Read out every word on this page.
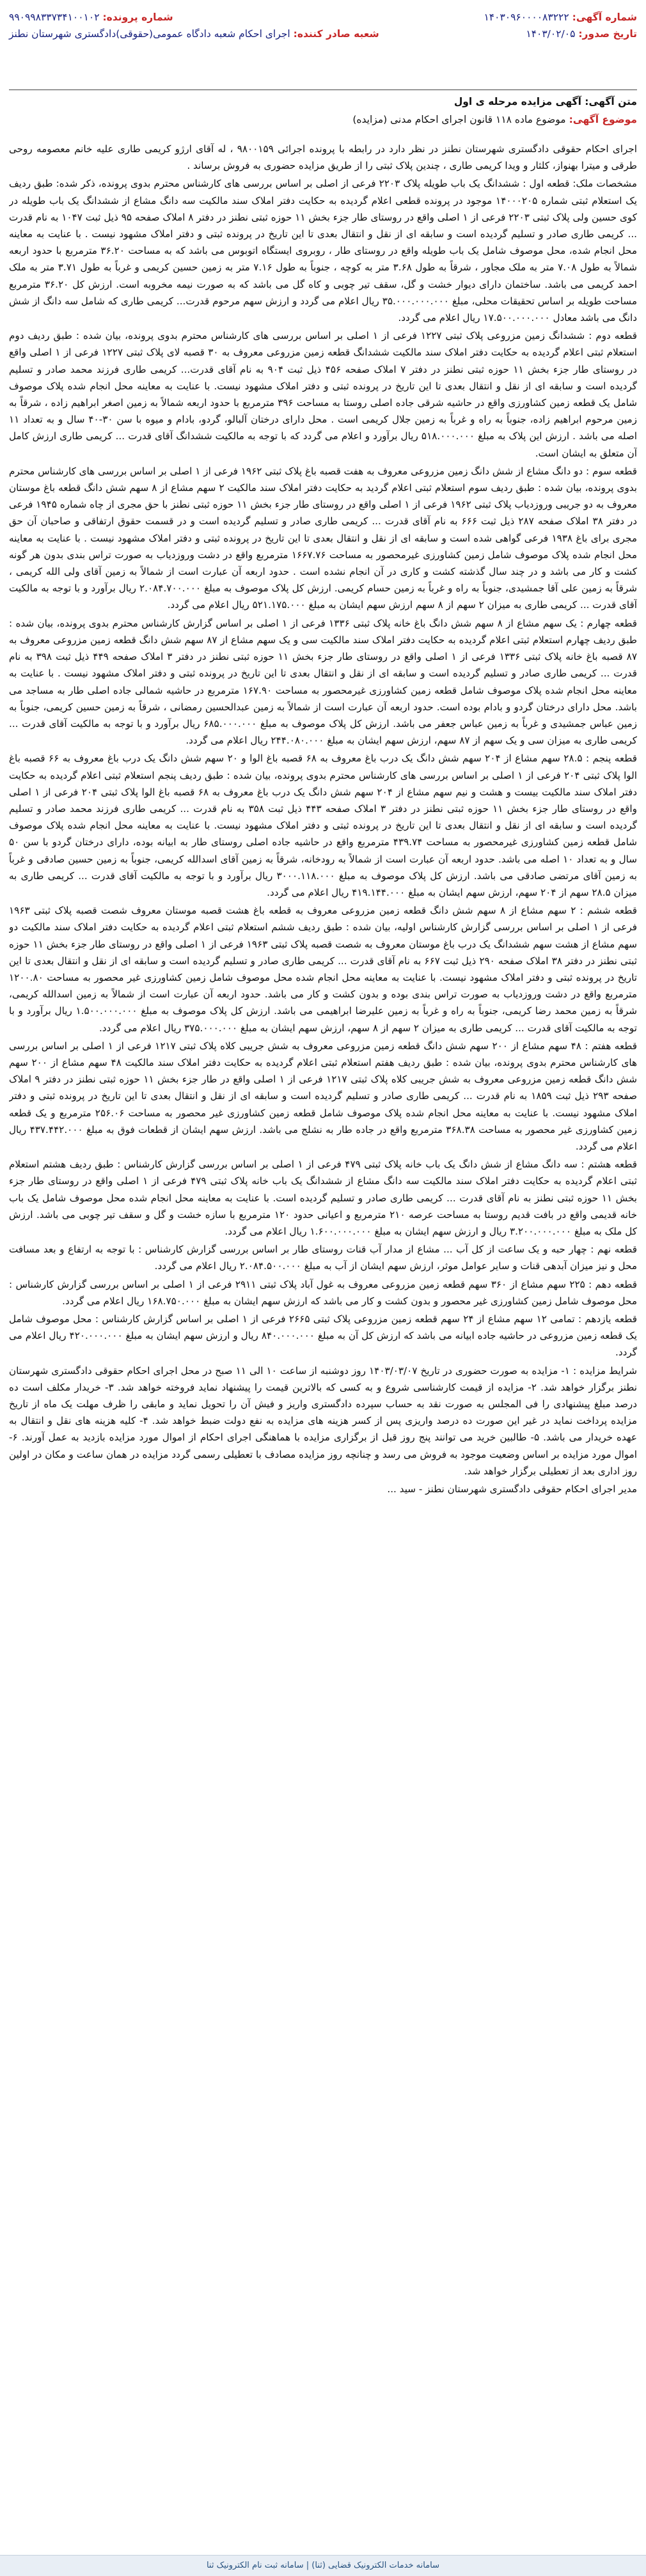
شماره آگهی: ۱۴۰۳۰۹۶۰۰۰۰۸۳۲۲۲
شماره پرونده: ۹۹۰۹۹۸۳۳۷۳۴۱۰۰۱۰۲
تاریخ صدور: ۱۴۰۳/۰۲/۰۵
شعبه صادر کننده: اجرای احکام شعبه دادگاه عمومی(حقوقی)دادگستری شهرستان نطنز
متن آگهی: آگهی مزایده مرحله ی اول
موضوع آگهی: موضوع ماده ۱۱۸ قانون اجرای احکام مدنی (مزایده)

اجرای احکام حقوقی دادگستری شهرستان نطنز در نظر دارد در رابطه با پرونده اجرائی ۹۸۰۰۱۵۹ ، له آقای ارژو کریمی طاری علیه خانم معصومه روحی طرقی و میترا بهنواز، کلثار و ویدا کریمی طاری ، چندین پلاک ثبتی را از طریق مزایده حضوری به فروش برساند .

مشخصات ملک: قطعه اول : ششدانگ یک باب طویله پلاک ۲۲۰۳ فرعی از اصلی بر اساس بررسی های کارشناس محترم بدوی پرونده، ذکر شده: طبق ردیف یک استعلام ثبتی شماره ۱۴۰۰۰۲۰۵ موجود در پرونده قطعی اعلام گردیده به حکایت دفتر املاک سند مالکیت سه دانگ مشاع از ششدانگ یک باب طویله در کوی حسین ولی پلاک ثبتی ۲۲۰۳ فرعی از ۱ اصلی واقع در روستای طار جزء بخش ۱۱ حوزه ثبتی نطنز در دفتر ۸ املاک صفحه ۹۵ ذیل ثبت ۱۰۴۷ به نام قدرت ... کریمی طاری صادر و تسلیم گردیده است و سابقه ای از نقل و انتقال بعدی تا این تاریخ در پرونده ثبتی و دفتر املاک مشهود نیست . با عنایت به معاینه محل انجام شده، محل موصوف شامل یک باب طویله واقع در روستای طار ، روبروی ایستگاه اتوبوس می باشد که به مساحت ۳۶.۲۰ مترمربع با حدود اربعه شمالاً به طول ۷.۰۸ متر به ملک مجاور ، شرقاً به طول ۳.۶۸ متر به کوچه ، جنوباً به طول ۷.۱۶ متر به زمین حسین کریمی و غرباً به طول ۳.۷۱ متر به ملک احمد کریمی می باشد. ساختمان دارای دیوار خشت و گل، سقف تیر چوبی و کاه گل می باشد که به صورت نیمه مخروبه است. ارزش کل ۳۶.۲۰ مترمربع مساحت طویله بر اساس تحقیقات محلی، مبلغ ۳۵.۰۰۰.۰۰۰.۰۰۰ ریال اعلام می گردد و ارزش سهم مرحوم قدرت... کریمی طاری که شامل سه دانگ از شش دانگ می باشد معادل ۱۷.۵۰۰.۰۰۰.۰۰۰ ریال اعلام می گردد.

قطعه دوم : ششدانگ زمین مزروعی پلاک ثبتی ۱۲۲۷ فرعی از ۱ اصلی بر اساس بررسی های کارشناس محترم بدوی پرونده، بیان شده : طبق ردیف دوم استعلام ثبتی اعلام گردیده به حکایت دفتر املاک سند مالکیت ششدانگ قطعه زمین مزروعی معروف به ۳۰ قصبه لای پلاک ثبتی ۱۲۲۷ فرعی از ۱ اصلی واقع در روستای طار جزء بخش ۱۱ حوزه ثبتی نطنز در دفتر ۷ املاک صفحه ۴۵۶ ذیل ثبت ۹۰۴ به نام آقای قدرت... کریمی طاری فرزند محمد صادر و تسلیم گردیده است و سابقه ای از نقل و انتقال بعدی تا این تاریخ در پرونده ثبتی و دفتر املاک مشهود نیست. با عنایت به معاینه محل انجام شده پلاک موصوف شامل یک قطعه زمین کشاورزی واقع در حاشیه شرقی جاده اصلی روستا به مساحت ۳۹۶ مترمربع با حدود اربعه شمالاً به زمین اصغر ابراهیم زاده ، شرقاً به زمین مرحوم ابراهیم زاده، جنوباً به راه و غرباً به زمین جلال کریمی است . محل دارای درختان آلبالو، گردو، بادام و میوه با سن ۳۰-۴۰ سال و به تعداد ۱۱ اصله می باشد . ارزش این پلاک به مبلغ ۵۱۸.۰۰۰.۰۰۰ ریال برآورد و اعلام می گردد که با توجه به مالکیت ششدانگ آقای قدرت ... کریمی طاری ارزش کامل آن متعلق به ایشان است.

قطعه سوم : دو دانگ مشاع از شش دانگ زمین مزروعی معروف به هفت قصبه باغ پلاک ثبتی ۱۹۶۲ فرعی از ۱ اصلی بر اساس بررسی های کارشناس محترم بدوی پرونده، بیان شده : طبق ردیف سوم استعلام ثبتی اعلام گردید به حکایت دفتر املاک سند مالکیت ۲ سهم مشاع از ۸ سهم شش دانگ قطعه باغ موستان معروف به دو جریبی وروزدیاب پلاک ثبتی ۱۹۶۲ فرعی از ۱ اصلی واقع در روستای طار جزء بخش ۱۱ حوزه ثبتی نطنز با حق مجری از چاه شماره ۱۹۴۵ فرعی در دفتر ۳۸ املاک صفحه ۲۸۷ ذیل ثبت ۶۶۶ به نام آقای قدرت ... کریمی طاری صادر و تسلیم گردیده است و در قسمت حقوق ارتفاقی و صاحبان آن حق مجری برای باغ ۱۹۳۸ فرعی گواهی شده است و سابقه ای از نقل و انتقال بعدی تا این تاریخ در پرونده ثبتی و دفتر املاک مشهود نیست . با عنایت به معاینه محل انجام شده پلاک موصوف شامل زمین کشاورزی غیرمحصور به مساحت ۱۶۶۷.۷۶ مترمربع واقع در دشت وروزدیاب به صورت تراس بندی بدون هر گونه کشت و کار می باشد و در چند سال گذشته کشت و کاری در آن انجام نشده است . حدود اربعه آن عبارت است از شمالاً به زمین آقای ولی الله کریمی ، شرقاً به زمین علی آقا جمشیدی، جنوباً به راه و غرباً به زمین حسام کریمی. ارزش کل پلاک موصوف به مبلغ ۲.۰۸۴.۷۰۰.۰۰۰ ریال برآورد و با توجه به مالکیت آقای قدرت ... کریمی طاری به میزان ۲ سهم از ۸ سهم ارزش سهم ایشان به مبلغ ۵۲۱.۱۷۵.۰۰۰ ریال اعلام می گردد.

قطعه چهارم : یک سهم مشاع از ۸ سهم شش دانگ باغ خانه پلاک ثبتی ۱۳۳۶ فرعی از ۱ اصلی بر اساس گزارش کارشناس محترم بدوی پرونده، بیان شده : طبق ردیف چهارم استعلام ثبتی اعلام گردیده به حکایت دفتر املاک سند مالکیت سی و یک سهم مشاع از ۸۷ سهم شش دانگ قطعه زمین مزروعی معروف به ۸۷ قصبه باغ خانه پلاک ثبتی ۱۳۳۶ فرعی از ۱ اصلی واقع در روستای طار جزء بخش ۱۱ حوزه ثبتی نطنز در دفتر ۳ املاک صفحه ۴۴۹ ذیل ثبت ۳۹۸ به نام قدرت ... کریمی طاری صادر و تسلیم گردیده است و سابقه ای از نقل و انتقال بعدی تا این تاریخ در پرونده ثبتی و دفتر املاک مشهود نیست . با عنایت به معاینه محل انجام شده پلاک موصوف شامل قطعه زمین کشاورزی غیرمحصور به مساحت ۱۶۷.۹۰ مترمربع در حاشیه شمالی جاده اصلی طار به مساجد می باشد. محل دارای درختان گردو و بادام بوده است. حدود اربعه آن عبارت است از شمالاً به زمین عبدالحسین رمضانی ، شرقاً به زمین حسین کریمی، جنوباً به زمین عباس جمشیدی و غرباً به زمین عباس جعفر می باشد. ارزش کل پلاک موصوف به مبلغ ۶۸۵.۰۰۰.۰۰۰ ریال برآورد و با توجه به مالکیت آقای قدرت ... کریمی طاری به میزان سی و یک سهم از ۸۷ سهم، ارزش سهم ایشان به مبلغ ۲۴۴.۰۸۰.۰۰۰ ریال اعلام می گردد.

قطعه پنجم : ۲۸.۵ سهم مشاع از ۲۰۴ سهم شش دانگ یک درب باغ معروف به ۶۸ قصبه باغ الوا و ۲۰ سهم شش دانگ یک درب باغ معروف به ۶۶ قصبه باغ الوا پلاک ثبتی ۲۰۴ فرعی از ۱ اصلی بر اساس بررسی های کارشناس محترم بدوی پرونده، بیان شده : طبق ردیف پنجم استعلام ثبتی اعلام گردیده به حکایت دفتر املاک سند مالکیت بیست و هشت و نیم سهم مشاع از ۲۰۴ سهم شش دانگ یک درب باغ معروف به ۶۸ قصبه باغ الوا پلاک ثبتی ۲۰۴ فرعی از ۱ اصلی واقع در روستای طار جزء بخش ۱۱ حوزه ثبتی نطنز در دفتر ۳ املاک صفحه ۴۴۳ ذیل ثبت ۳۵۸ به نام قدرت ... کریمی طاری فرزند محمد صادر و تسلیم گردیده است و سابقه ای از نقل و انتقال بعدی تا این تاریخ در پرونده ثبتی و دفتر املاک مشهود نیست. با عنایت به معاینه محل انجام شده پلاک موصوف شامل قطعه زمین کشاورزی غیرمحصور به مساحت ۴۳۹.۷۴ مترمربع واقع در حاشیه جاده اصلی روستای طار به ابیانه بوده، دارای درختان گردو با سن ۵۰ سال و به تعداد ۱۰ اصله می باشد. حدود اربعه آن عبارت است از شمالاً به رودخانه، شرقاً به زمین آقای اسدالله کریمی، جنوباً به زمین حسین صادقی و غرباً به زمین آقای مرتضی صادقی می باشد. ارزش کل پلاک موصوف به مبلغ ۳۰۰۰.۱۱۸.۰۰۰ ریال برآورد و با توجه به مالکیت آقای قدرت ... کریمی طاری به میزان ۲۸.۵ سهم از ۲۰۴ سهم، ارزش سهم ایشان به مبلغ ۴۱۹.۱۴۴.۰۰۰ ریال اعلام می گردد.

قطعه ششم : ۲ سهم مشاع از ۸ سهم شش دانگ قطعه زمین مزروعی معروف به قطعه باغ هشت قصبه موستان معروف شصت قصبه پلاک ثبتی ۱۹۶۳ فرعی از ۱ اصلی بر اساس بررسی گزارش کارشناس اولیه، بیان شده : طبق ردیف ششم استعلام ثبتی اعلام گردیده به حکایت دفتر املاک سند مالکیت دو سهم مشاع از هشت سهم ششدانگ یک درب باغ موستان معروف به شصت قصبه پلاک ثبتی ۱۹۶۳ فرعی از ۱ اصلی واقع در روستای طار جزء بخش ۱۱ حوزه ثبتی نطنز در دفتر ۳۸ املاک صفحه ۲۹۰ ذیل ثبت ۶۶۷ به نام آقای قدرت ... کریمی طاری صادر و تسلیم گردیده است و سابقه ای از نقل و انتقال بعدی تا این تاریخ در پرونده ثبتی و دفتر املاک مشهود نیست. با عنایت به معاینه محل انجام شده محل موصوف شامل زمین کشاورزی غیر محصور به مساحت ۱۲۰۰.۸۰ مترمربع واقع در دشت وروزدیاب به صورت تراس بندی بوده و بدون کشت و کار می باشد. حدود اربعه آن عبارت است از شمالاً به زمین اسدالله کریمی، شرقاً به زمین محمد رضا کریمی، جنوباً به راه و غرباً به زمین علیرضا ابراهیمی می باشد. ارزش کل پلاک موصوف به مبلغ ۱.۵۰۰.۰۰۰.۰۰۰ ریال برآورد و با توجه به مالکیت آقای قدرت ... کریمی طاری به میزان ۲ سهم از ۸ سهم، ارزش سهم ایشان به مبلغ ۳۷۵.۰۰۰.۰۰۰ ریال اعلام می گردد.

قطعه هفتم : ۴۸ سهم مشاع از ۲۰۰ سهم شش دانگ قطعه زمین مزروعی معروف به شش جریبی کلاه پلاک ثبتی ۱۲۱۷ فرعی از ۱ اصلی بر اساس بررسی های کارشناس محترم بدوی پرونده، بیان شده : طبق ردیف هفتم استعلام ثبتی اعلام گردیده به حکایت دفتر املاک سند مالکیت ۴۸ سهم مشاع از ۲۰۰ سهم شش دانگ قطعه زمین مزروعی معروف به شش جریبی کلاه پلاک ثبتی ۱۲۱۷ فرعی از ۱ اصلی واقع در طار جزء بخش ۱۱ حوزه ثبتی نطنز در دفتر ۹ املاک صفحه ۲۹۳ ذیل ثبت ۱۸۵۹ به نام قدرت ... کریمی طاری صادر و تسلیم گردیده است و سابقه ای از نقل و انتقال بعدی تا این تاریخ در پرونده ثبتی و دفتر املاک مشهود نیست. با عنایت به معاینه محل انجام شده پلاک موصوف شامل قطعه زمین کشاورزی غیر محصور به مساحت ۲۵۶.۰۶ مترمربع و یک قطعه زمین کشاورزی غیر محصور به مساحت ۳۶۸.۳۸ مترمربع واقع در جاده طار به نشلج می باشد. ارزش سهم ایشان از قطعات فوق به مبلغ ۴۳۷.۴۴۲.۰۰۰ ریال اعلام می گردد.

قطعه هشتم : سه دانگ مشاع از شش دانگ یک باب خانه پلاک ثبتی ۴۷۹ فرعی از ۱ اصلی بر اساس بررسی گزارش کارشناس : طبق ردیف هشتم استعلام ثبتی اعلام گردیده به حکایت دفتر املاک سند مالکیت سه دانگ مشاع از ششدانگ یک باب خانه پلاک ثبتی ۴۷۹ فرعی از ۱ اصلی واقع در روستای طار جزء بخش ۱۱ حوزه ثبتی نطنز به نام آقای قدرت ... کریمی طاری صادر و تسلیم گردیده است. با عنایت به معاینه محل انجام شده محل موصوف شامل یک باب خانه قدیمی واقع در بافت قدیم روستا به مساحت عرصه ۲۱۰ مترمربع و اعیانی حدود ۱۲۰ مترمربع با سازه خشت و گل و سقف تیر چوبی می باشد. ارزش کل ملک به مبلغ ۳.۲۰۰.۰۰۰.۰۰۰ ریال و ارزش سهم ایشان به مبلغ ۱.۶۰۰.۰۰۰.۰۰۰ ریال اعلام می گردد.

قطعه نهم : چهار حبه و یک ساعت از کل آب ... مشاع از مدار آب قنات روستای طار بر اساس بررسی گزارش کارشناس : با توجه به ارتفاع و بعد مسافت محل و نیز میزان آبدهی قنات و سایر عوامل موثر، ارزش سهم ایشان از آب به مبلغ ۲.۰۸۴.۵۰۰.۰۰۰ ریال اعلام می گردد.

قطعه دهم : ۲۲۵ سهم مشاع از ۳۶۰ سهم قطعه زمین مزروعی معروف به غول آباد پلاک ثبتی ۲۹۱۱ فرعی از ۱ اصلی بر اساس بررسی گزارش کارشناس : محل موصوف شامل زمین کشاورزی غیر محصور و بدون کشت و کار می باشد که ارزش سهم ایشان به مبلغ ۱۶۸.۷۵۰.۰۰۰ ریال اعلام می گردد.

قطعه یازدهم : تمامی ۱۲ سهم مشاع از ۲۴ سهم قطعه زمین مزروعی پلاک ثبتی ۲۶۶۵ فرعی از ۱ اصلی بر اساس گزارش کارشناس : محل موصوف شامل یک قطعه زمین مزروعی در حاشیه جاده ابیانه می باشد که ارزش کل آن به مبلغ ۸۴۰.۰۰۰.۰۰۰ ریال و ارزش سهم ایشان به مبلغ ۴۲۰.۰۰۰.۰۰۰ ریال اعلام می گردد.

شرایط مزایده : ۱- مزایده به صورت حضوری در تاریخ ۱۴۰۳/۰۳/۰۷ روز دوشنبه از ساعت ۱۰ الی ۱۱ صبح در محل اجرای احکام حقوقی دادگستری شهرستان نطنز برگزار خواهد شد. ۲- مزایده از قیمت کارشناسی شروع و به کسی که بالاترین قیمت را پیشنهاد نماید فروخته خواهد شد. ۳- خریدار مکلف است ده درصد مبلغ پیشنهادی را فی المجلس به صورت نقد به حساب سپرده دادگستری واریز و فیش آن را تحویل نماید و مابقی را ظرف مهلت یک ماه از تاریخ مزایده پرداخت نماید در غیر این صورت ده درصد واریزی پس از کسر هزینه های مزایده به نفع دولت ضبط خواهد شد. ۴- کلیه هزینه های نقل و انتقال به عهده خریدار می باشد. ۵- طالبین خرید می توانند پنج روز قبل از برگزاری مزایده با هماهنگی اجرای احکام از اموال مورد مزایده بازدید به عمل آورند. ۶- اموال مورد مزایده بر اساس وضعیت موجود به فروش می رسد و چنانچه روز مزایده مصادف با تعطیلی رسمی گردد مزایده در همان ساعت و مکان در اولین روز اداری بعد از تعطیلی برگزار خواهد شد.

مدیر اجرای احکام حقوقی دادگستری شهرستان نطنز - سید ...

سامانه خدمات الکترونیک قضایی (ثنا) | سامانه ثبت نام الکترونیک ثنا
